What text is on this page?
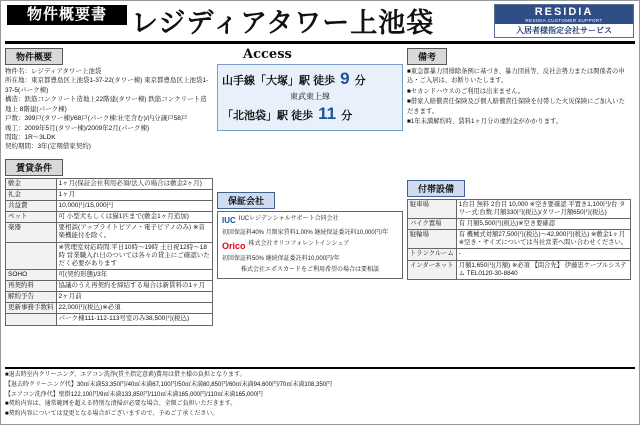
物件概要書 レジディアタワー上池袋	RESIDIA
RESIDIA CUSTOMER SUPPORT
入居者様指定会社サービス
物件概要
物件名：レジディアタワー上池袋
所在地：東京都豊島区上池袋1-37-22(タワー棟) 東京都豊島区上池袋1-37-5(パーク棟)
構造：鉄筋コンクリート造地上22階建(タワー棟) 鉄筋コンクリート造地上 8階建(パーク棟)
戸数：399戸(タワー棟)/68戸(パーク棟:社宅含む)/内分譲戸58戸
竣工：2009年5月(タワー棟)/2009年2月(パーク棟)
間取：1R～3LDK
契約期間：3年(定期借家契約)
賃貸条件
敷金	1ヶ月(保証会社利用必須/法人の場合は敷金2ヶ月)
礼金	1ヶ月
共益費	10,000円/15,000円
ペット	可 小型犬もしくは猫1匹まで(敷金1ヶ月追加)
楽器	要相談(アップライトピアノ・電子ピアノのみ) ※音楽機能付を除く。
	※管理室対応時間:平日10時～19時 土日祝12時～18時 営業職入れ日のついては各々の貸主にご確認いただく必要があります
SOHO	可(契約形態)/3年
再契約料	協議のうえ再契約を締結する場合は新賃料の1ヶ月
解約予告	2ヶ月前
更新事務手数料	22,000円(税込)※必須
	パーク棟111-112-113号室のみ38,500円(税込)
Access
山手線「大塚」駅 徒歩 9 分
東武東上線
「北池袋」駅 徒歩 11 分
保証会社
IUC IUCレジデンシャルサポート合同会社
初回保証料40% 月額家賃料1.00% 継続保証委託料10,000円/年
Orico 株式会社オリコフォレントインシュア
初回保証料50% 継続保証委託料10,000円/年
株式会社エポスカードをご利用希望の場合は要相談
備考
■東急都暴力団排除条例に基づき、暴力団員等、反社会勢力または関係者の申込・ご入居は、お断りいたします。
■セカンドハウスのご利用は出来ません。
■借家人賠償責任保険及び個人賠償責任保険を付帯した火災保険にご加入いただきます。
■1年未満解約時、賃料1ヶ月分の違約金がかかります。
付帯設備
駐車場	1台目 無料 2台目 10,000 ※空き要確認 平置き1,100円/台 タワー式:台数:月額330円(税込)/タワー月額650円(税込)
バイク置場	有 月額5,500円(税込)※空き要確認
駐輪場	有 機械式対額27,500円(税込)～42,900円(税込) ※敷金1ヶ月 ※空き・サイズについては当社営業へ問い合わせください。
トランクルーム	-
インターネット	月額1,650円(月額) ※必須 【問合先】 伊藤忠ケーブルシステム TEL0120-30-8840
■退去時室内クリーニング、エアコン洗浄(賃主指定意素)費用は借主様の負担となります。
【退去時クリーニング代】30㎡未満53,350円/40㎡未満67,100円/50㎡未満80,850円/60㎡未満94,600円/70㎡未満108,350円
【エアコン洗浄代】壁掛122,100円/9㎡未満133,850円/110㎡未満165,000円/110㎡未満165,000円
■契約内容は、通常範囲を超える特別な清掃が必要な場合、全額ご負担いただきます。
■契約内容については変更となる場合がございますので、予めご了承ください。
